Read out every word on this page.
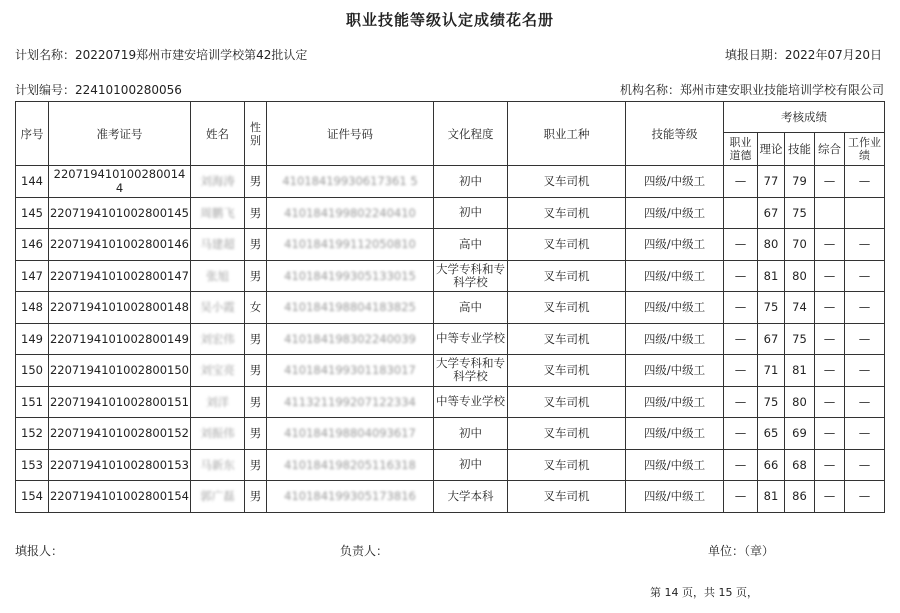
职业技能等级认定成绩花名册
计划名称：20220719郑州市建安培训学校第42批认定	填报日期：2022年07月20日
计划编号：22410100280056	机构名称：郑州市建安职业技能培训学校有限公司
序号	准考证号	姓名	性别	证件号码	文化程度	职业工种	技能等级	考核成绩				

								职业道德	理论	技能	综合	工作业绩

144	220719410100280014 4	刘海涛	男	41018419930617361 5	初中	叉车司机	四级/中级工	—	77	79	—	—
145	2207194101002800145	周鹏飞	男	410184199802240410	初中	叉车司机	四级/中级工		67	75		
146	2207194101002800146	马建超	男	410184199112050810	高中	叉车司机	四级/中级工	—	80	70	—	—
147	2207194101002800147	张旭	男	410184199305133015	大学专科和专科学校	叉车司机	四级/中级工	—	81	80	—	—
148	2207194101002800148	吴小霞	女	410184198804183825	高中	叉车司机	四级/中级工	—	75	74	—	—
149	2207194101002800149	刘宏伟	男	410184198302240039	中等专业学校	叉车司机	四级/中级工	—	67	75	—	—
150	2207194101002800150	刘宝亮	男	410184199301183017	大学专科和专科学校	叉车司机	四级/中级工	—	71	81	—	—
151	2207194101002800151	刘洋	男	411321199207122334	中等专业学校	叉车司机	四级/中级工	—	75	80	—	—
152	2207194101002800152	刘振伟	男	410184198804093617	初中	叉车司机	四级/中级工	—	65	69	—	—
153	2207194101002800153	马新东	男	410184198205116318	初中	叉车司机	四级/中级工	—	66	68	—	—
154	2207194101002800154	郭广磊	男	410184199305173816	大学本科	叉车司机	四级/中级工	—	81	86	—	—
填报人：	负责人：	单位：（章）
第 14 页，共 15 页，
